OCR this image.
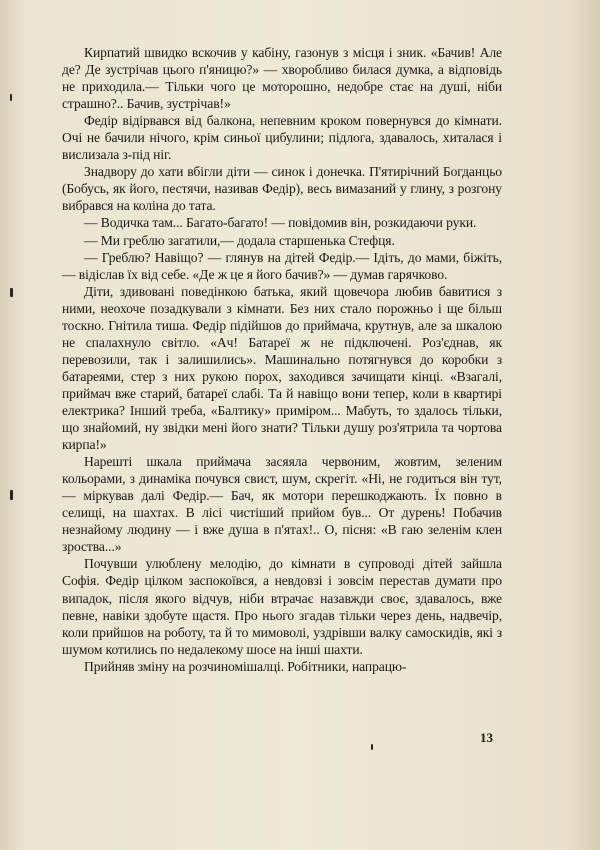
Кирпатий швидко вскочив у кабіну, газонув з місця і зник. «Бачив! Але де? Де зустрічав цього п'яницю?» — хворобливо билася думка, а відповідь не приходила.— Тільки чого це моторошно, недобре стає на душі, ніби страшно?.. Бачив, зустрічав!»

Федір відірвався від балкона, непевним кроком повернувся до кімнати. Очі не бачили нічого, крім синьої цибулини; підлога, здавалось, хиталася і вислизала з-під ніг.

Знадвору до хати вбігли діти — синок і донечка. П'ятирічний Богданцьо (Бобусь, як його, пестячи, називав Федір), весь вимазаний у глину, з розгону вибрався на коліна до тата.

— Водичка там... Багато-багато! — повідомив він, розкидаючи руки.

— Ми греблю загатили,— додала старшенька Стефця.

— Греблю? Навіщо? — глянув на дітей Федір.— Ідіть, до мами, біжіть,— відіслав їх від себе. «Де ж це я його бачив?» — думав гарячково.

Діти, здивовані поведінкою батька, який щовечора любив бавитися з ними, неохоче позадкували з кімнати. Без них стало порожньо і ще більш тоскно. Гнітила тиша. Федір підійшов до приймача, крутнув, але за шкалою не спалахнуло світло. «Ач! Батареї ж не підключені. Роз'єднав, як перевозили, так і залишились». Машинально потягнувся до коробки з батареями, стер з них рукою порох, заходився зачищати кінці. «Взагалі, приймач вже старий, батареї слабі. Та й навіщо вони тепер, коли в квартирі електрика? Інший треба, «Балтику» приміром... Мабуть, то здалось тільки, що знайомий, ну звідки мені його знати? Тільки душу роз'ятрила та чортова кирпа!»

Нарешті шкала приймача засяяла червоним, жовтим, зеленим кольорами, з динаміка почувся свист, шум, скрегіт. «Ні, не годиться він тут,— міркував далі Федір.— Бач, як мотори перешкоджають. Їх повно в селищі, на шахтах. В лісі чистіший прийом був... От дурень! Побачив незнайому людину — і вже душа в п'ятах!.. О, пісня: «В гаю зеленім клен зроства...»

Почувши улюблену мелодію, до кімнати в супроводі дітей зайшла Софія. Федір цілком заспокоївся, а невдовзі і зовсім перестав думати про випадок, після якого відчув, ніби втрачає назавжди своє, здавалось, вже певне, навіки здобуте щастя. Про нього згадав тільки через день, надвечір, коли прийшов на роботу, та й то мимоволі, уздрівши валку самоскидів, які з шумом котились по недалекому шосе на інші шахти.

Прийняв зміну на розчиномішалці. Робітники, напрацю-

13
